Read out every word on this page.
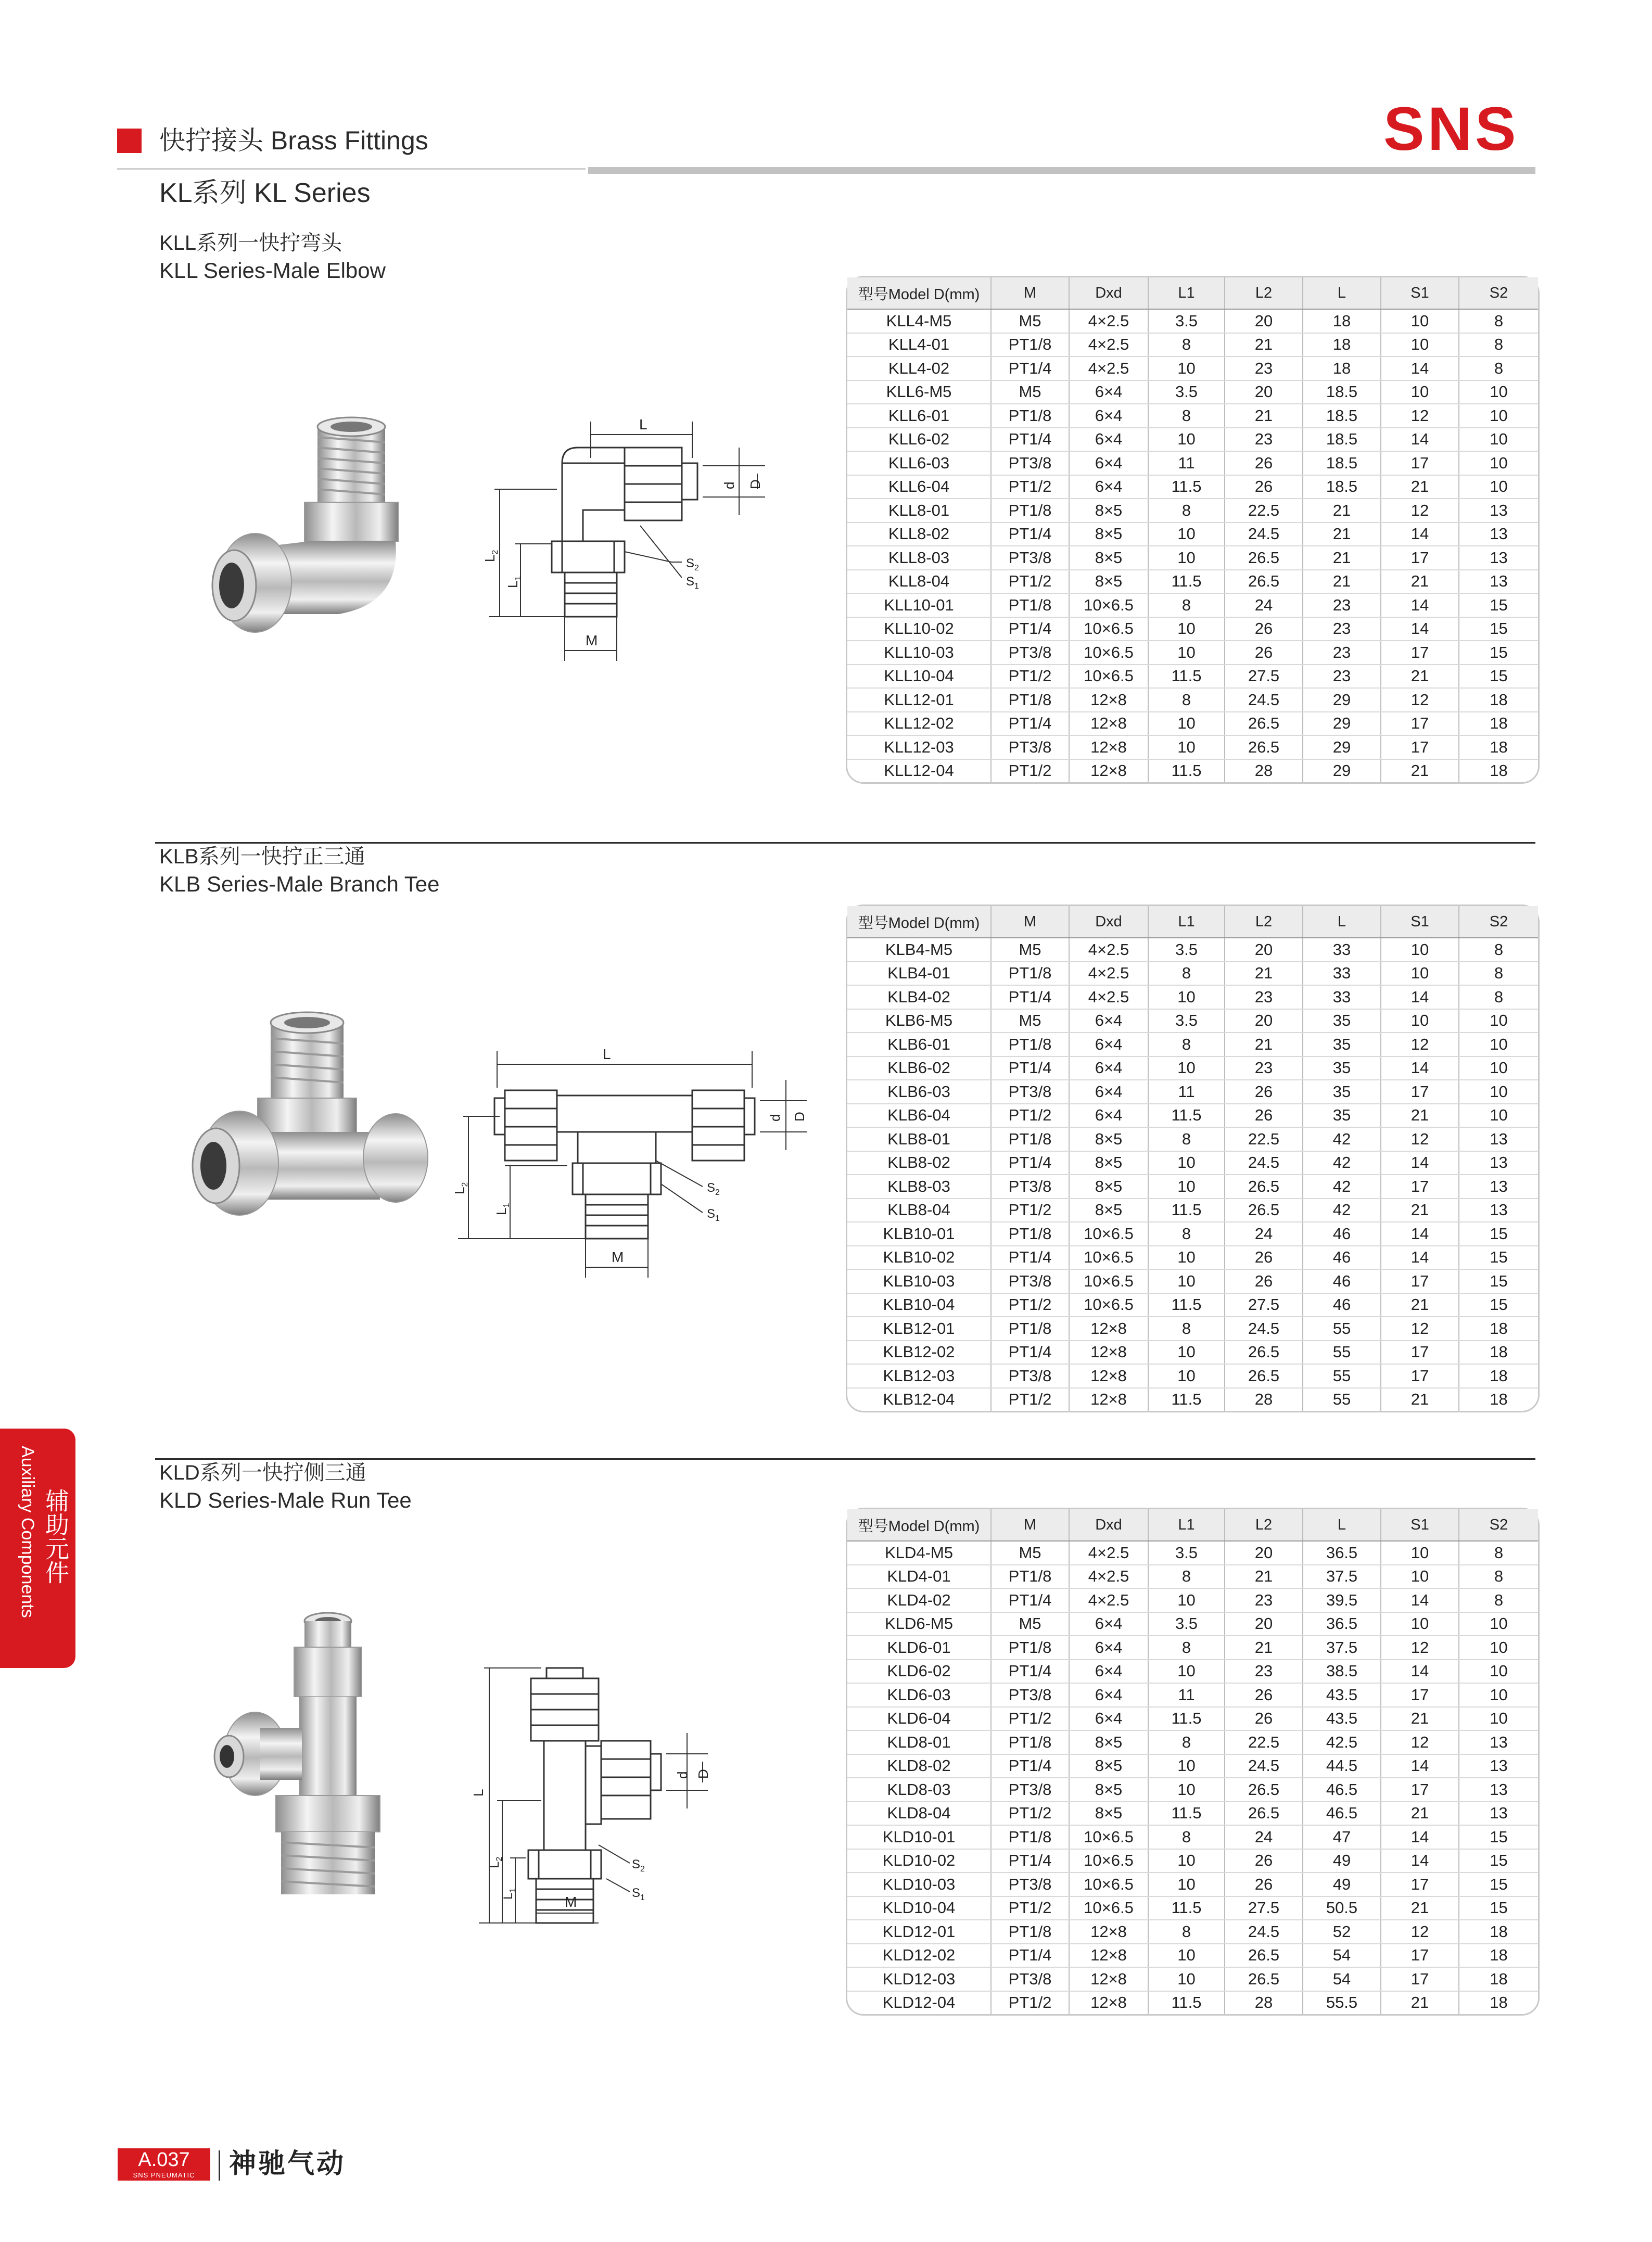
快拧接头 Brass Fittings	SNS
KL系列 KL Series
KLL系列一快拧弯头
KLL Series-Male Elbow
L
$L_2$
$L_1$
M
d D
$S_2$
$S_1$
型号Model D(mm)	M	Dxd	L1	L2	L	S1	S2
KLL4-M5	M5	4×2.5	3.5	20	18	10	8
KLL4-01	PT1/8	4×2.5	8	21	18	10	8
KLL4-02	PT1/4	4×2.5	10	23	18	14	8
KLL6-M5	M5	6×4	3.5	20	18.5	10	10
KLL6-01	PT1/8	6×4	8	21	18.5	12	10
KLL6-02	PT1/4	6×4	10	23	18.5	14	10
KLL6-03	PT3/8	6×4	11	26	18.5	17	10
KLL6-04	PT1/2	6×4	11.5	26	18.5	21	10
KLL8-01	PT1/8	8×5	8	22.5	21	12	13
KLL8-02	PT1/4	8×5	10	24.5	21	14	13
KLL8-03	PT3/8	8×5	10	26.5	21	17	13
KLL8-04	PT1/2	8×5	11.5	26.5	21	21	13
KLL10-01	PT1/8	10×6.5	8	24	23	14	15
KLL10-02	PT1/4	10×6.5	10	26	23	14	15
KLL10-03	PT3/8	10×6.5	10	26	23	17	15
KLL10-04	PT1/2	10×6.5	11.5	27.5	23	21	15
KLL12-01	PT1/8	12×8	8	24.5	29	12	18
KLL12-02	PT1/4	12×8	10	26.5	29	17	18
KLL12-03	PT3/8	12×8	10	26.5	29	17	18
KLL12-04	PT1/2	12×8	11.5	28	29	21	18
KLB系列一快拧正三通
KLB Series-Male Branch Tee
L
$L_2$
$L_1$
M
d D
$S_2$
$S_1$
型号Model D(mm)	M	Dxd	L1	L2	L	S1	S2
KLB4-M5	M5	4×2.5	3.5	20	33	10	8
KLB4-01	PT1/8	4×2.5	8	21	33	10	8
KLB4-02	PT1/4	4×2.5	10	23	33	14	8
KLB6-M5	M5	6×4	3.5	20	35	10	10
KLB6-01	PT1/8	6×4	8	21	35	12	10
KLB6-02	PT1/4	6×4	10	23	35	14	10
KLB6-03	PT3/8	6×4	11	26	35	17	10
KLB6-04	PT1/2	6×4	11.5	26	35	21	10
KLB8-01	PT1/8	8×5	8	22.5	42	12	13
KLB8-02	PT1/4	8×5	10	24.5	42	14	13
KLB8-03	PT3/8	8×5	10	26.5	42	17	13
KLB8-04	PT1/2	8×5	11.5	26.5	42	21	13
KLB10-01	PT1/8	10×6.5	8	24	46	14	15
KLB10-02	PT1/4	10×6.5	10	26	46	14	15
KLB10-03	PT3/8	10×6.5	10	26	46	17	15
KLB10-04	PT1/2	10×6.5	11.5	27.5	46	21	15
KLB12-01	PT1/8	12×8	8	24.5	55	12	18
KLB12-02	PT1/4	12×8	10	26.5	55	17	18
KLB12-03	PT3/8	12×8	10	26.5	55	17	18
KLB12-04	PT1/2	12×8	11.5	28	55	21	18
KLD系列一快拧侧三通
KLD Series-Male Run Tee
L
$L_2$
$L_1$
d D
$S_2$
$S_1$
M
型号Model D(mm)	M	Dxd	L1	L2	L	S1	S2
KLD4-M5	M5	4×2.5	3.5	20	36.5	10	8
KLD4-01	PT1/8	4×2.5	8	21	37.5	10	8
KLD4-02	PT1/4	4×2.5	10	23	39.5	14	8
KLD6-M5	M5	6×4	3.5	20	36.5	10	10
KLD6-01	PT1/8	6×4	8	21	37.5	12	10
KLD6-02	PT1/4	6×4	10	23	38.5	14	10
KLD6-03	PT3/8	6×4	11	26	43.5	17	10
KLD6-04	PT1/2	6×4	11.5	26	43.5	21	10
KLD8-01	PT1/8	8×5	8	22.5	42.5	12	13
KLD8-02	PT1/4	8×5	10	24.5	44.5	14	13
KLD8-03	PT3/8	8×5	10	26.5	46.5	17	13
KLD8-04	PT1/2	8×5	11.5	26.5	46.5	21	13
KLD10-01	PT1/8	10×6.5	8	24	47	14	15
KLD10-02	PT1/4	10×6.5	10	26	49	14	15
KLD10-03	PT3/8	10×6.5	10	26	49	17	15
KLD10-04	PT1/2	10×6.5	11.5	27.5	50.5	21	15
KLD12-01	PT1/8	12×8	8	24.5	52	12	18
KLD12-02	PT1/4	12×8	10	26.5	54	17	18
KLD12-03	PT3/8	12×8	10	26.5	54	17	18
KLD12-04	PT1/2	12×8	11.5	28	55.5	21	18
Auxiliary Components 辅助元件
A.037
SNS PNEUMATIC	神驰气动
